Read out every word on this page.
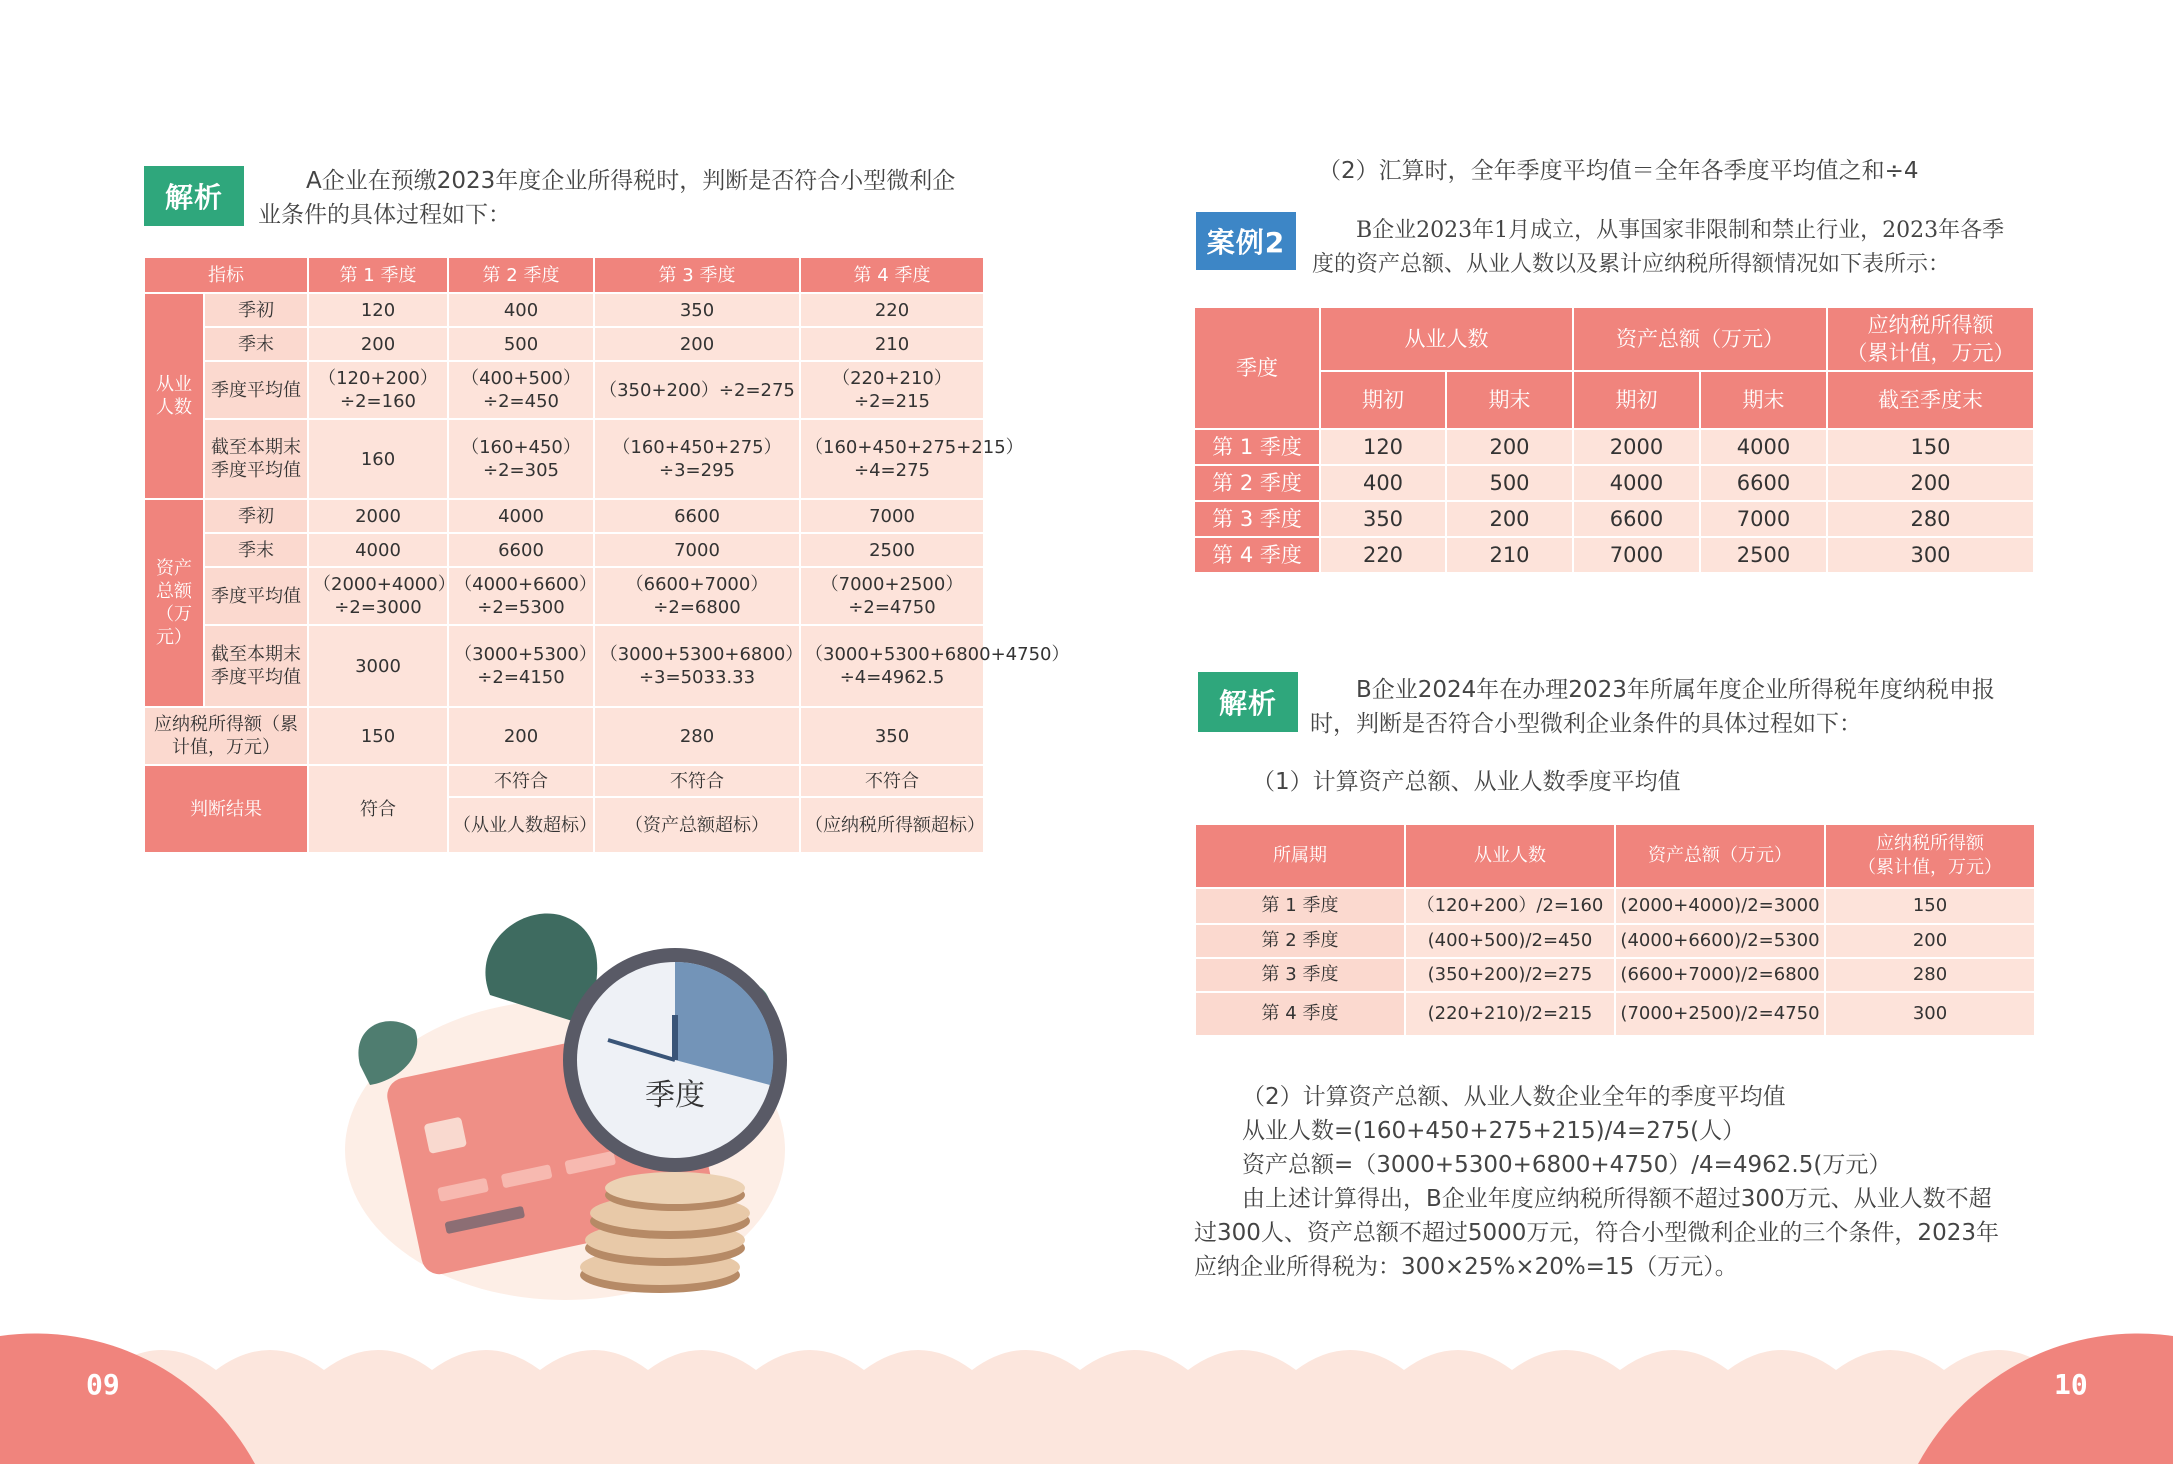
解析	A企业在预缴2023年度企业所得税时，判断是否符合小型微利企
业条件的具体过程如下：
指标		第 1 季度	第 2 季度	第 3 季度	第 4 季度

从业
人数	季初	120	400	350	220
	季末	200	500	200	210
	季度平均值	（120+200）÷2=160	（400+500）÷2=450	（350+200）÷2=275	（220+210）÷2=215
	截至本期末季度平均值	160	（160+450）÷2=305	（160+450+275）÷3=295	（160+450+275+215）÷4=275

资产
总额
（万
元）	季初	2000	4000	6600	7000
	季末	4000	6600	7000	2500
	季度平均值	（2000+4000）÷2=3000	（4000+6600）÷2=5300	（6600+7000）÷2=6800	（7000+2500）÷2=4750
	截至本期末季度平均值	3000	（3000+5300）÷2=4150	（3000+5300+6800）÷3=5033.33	（3000+5300+6800+4750）÷4=4962.5
应纳税所得额（累计值，万元）		150	200	280	350
判断结果		符合	不符合	不符合	不符合
			（从业人数超标）	（资产总额超标）	（应纳税所得额超标）
季度
（2）汇算时，全年季度平均值＝全年各季度平均值之和÷4
案例2	B企业2023年1月成立，从事国家非限制和禁止行业，2023年各季
度的资产总额、从业人数以及累计应纳税所得额情况如下表所示：
季度	从业人数		资产总额（万元）		应纳税所得额
（累计值，万元）

	期初	期末	期初	期末	截至季度末
第 1 季度	120	200	2000	4000	150
第 2 季度	400	500	4000	6600	200
第 3 季度	350	200	6600	7000	280
第 4 季度	220	210	7000	2500	300
解析	B企业2024年在办理2023年所属年度企业所得税年度纳税申报
时，判断是否符合小型微利企业条件的具体过程如下：
（1）计算资产总额、从业人数季度平均值
所属期	从业人数	资产总额（万元）	应纳税所得额
（累计值，万元）

第 1 季度	（120+200）/2=160	(2000+4000)/2=3000	150
第 2 季度	(400+500)/2=450	(4000+6600)/2=5300	200
第 3 季度	(350+200)/2=275	(6600+7000)/2=6800	280
第 4 季度	(220+210)/2=215	(7000+2500)/2=4750	300
（2）计算资产总额、从业人数企业全年的季度平均值
从业人数=(160+450+275+215)/4=275(人）
资产总额=（3000+5300+6800+4750）/4=4962.5(万元）
由上述计算得出，B企业年度应纳税所得额不超过300万元、从业人数不超
过300人、资产总额不超过5000万元，符合小型微利企业的三个条件，2023年
应纳企业所得税为：300×25%×20%=15（万元）。
09	10
